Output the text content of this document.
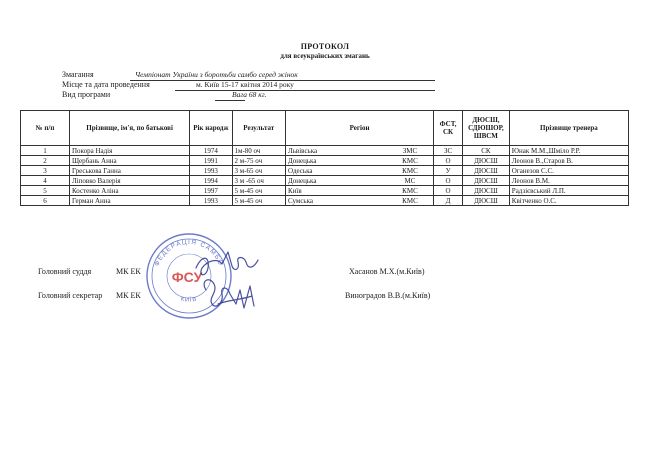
ПРОТОКОЛ
для всеукраїнських змагань
Змагання	Чемпіонат України з боротьби самбо серед жінок
Місце та дата проведення	м. Київ 15-17 квітня 2014 року
Вид програми	Вага 68 кг.
№ п/п	Прізвище, ім'я, по батькові	Рік народж	Результат	Регіон		ФСТ, СК	ДЮСШ, СДЮШОР, ШВСМ	Прізвище тренера
1	Покора Надія	1974	1м-80 оч	Львівська	ЗМС	ЗС	СК	Юнак М.М.,Шміло Р.Р.
2	Щербань Анна	1991	2 м-75 оч	Донецька	КМС	О	ДЮСШ	Леонов В.,Старов В.
3	Греськова Ганна	1993	3 м-65 оч	Одеська	КМС	У	ДЮСШ	Оганезов С.С.
4	Ліповко Валерія	1994	3 м -65 оч	Донецька	МС	О	ДЮСШ	Леонов В.М.
5	Костенко Аліна	1997	5 м-45 оч	Київ	КМС	О	ДЮСШ	Радзієвський Л.П.
6	Герман Анна	1993	5 м-45 оч	Сумська	КМС	Д	ДЮСШ	Квітченко О.С.
ФЕДЕРАЦІЯ САМБО
КИЇВ
ФСУ
Головний суддя	МК ЕК	Хасанов М.Х.(м.Київ)
Головний секретар МК ЕК	Виноградов В.В.(м.Київ)
